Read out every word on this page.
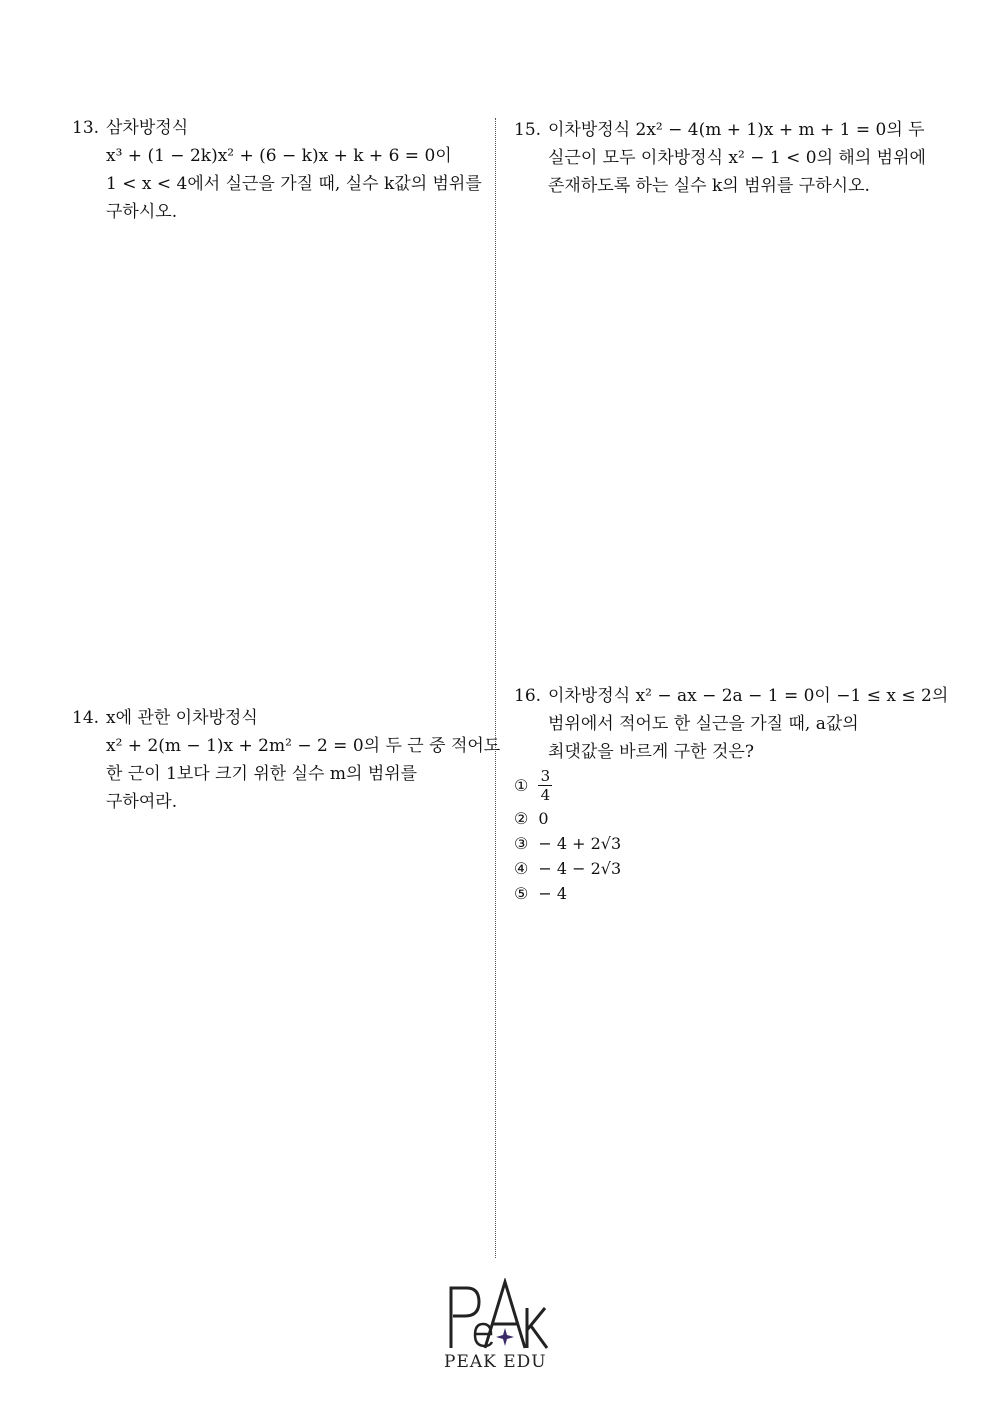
13. 삼차방정식
x³ + (1 − 2k)x² + (6 − k)x + k + 6 = 0이
1 < x < 4에서 실근을 가질 때, 실수 k값의 범위를
구하시오.
14. x에 관한 이차방정식
x² + 2(m − 1)x + 2m² − 2 = 0의 두 근 중 적어도
한 근이 1보다 크기 위한 실수 m의 범위를
구하여라.
15. 이차방정식 2x² − 4(m + 1)x + m + 1 = 0의 두
실근이 모두 이차방정식 x² − 1 < 0의 해의 범위에
존재하도록 하는 실수 k의 범위를 구하시오.
16. 이차방정식 x² − ax − 2a − 1 = 0이 −1 ≤ x ≤ 2의
범위에서 적어도 한 실근을 가질 때, a값의
최댓값을 바르게 구한 것은?
① $\frac{3}{4}$
② 0
③ − 4 + 2√3
④ − 4 − 2√3
⑤ − 4
PEAK EDU
